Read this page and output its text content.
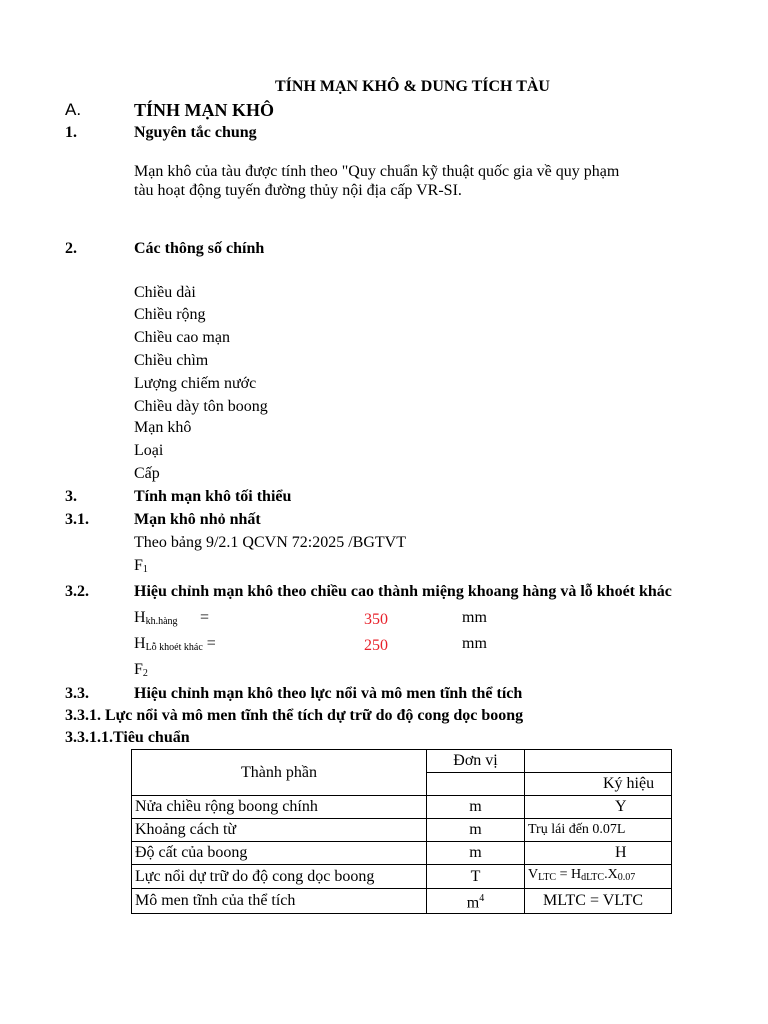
TÍNH MẠN KHÔ & DUNG TÍCH TÀU
A.	TÍNH MẠN KHÔ
1.	Nguyên tắc chung
Mạn khô của tàu được tính theo "Quy chuẩn kỹ thuật quốc gia về quy phạm
tàu hoạt động tuyến đường thủy nội địa cấp VR-SI.
2.	Các thông số chính
Chiều dài
Chiều rộng
Chiều cao mạn
Chiều chìm
Lượng chiếm nước
Chiều dày tôn boong
Mạn khô
Loại
Cấp
3.	Tính mạn khô tối thiểu
3.1.	Mạn khô nhỏ nhất
Theo bảng 9/2.1 QCVN 72:2025 /BGTVT
$F_1$
3.2.	Hiệu chỉnh mạn khô theo chiều cao thành miệng khoang hàng và lỗ khoét khác
$H_{kh.hàng}$ =	350	mm
$H_{Lỗ khoét khác}$ =	250	mm
$F_2$
3.3.	Hiệu chỉnh mạn khô theo lực nổi và mô men tĩnh thể tích
3.3.1. Lực nổi và mô men tĩnh thể tích dự trữ do độ cong dọc boong
3.3.1.1.Tiêu chuẩn
Thành phần	Đơn vị	
		Ký hiệu
Nửa chiều rộng boong chính	m	Y
Khoảng cách từ	m	Trụ lái đến 0.07L
Độ cất của boong	m	H
Lực nổi dự trữ do độ cong dọc boong	T	$V_{LTC} = H_{dLTC}.X_{0.07}$
Mô men tĩnh của thể tích	$m^4$	MLTC = VLTC
